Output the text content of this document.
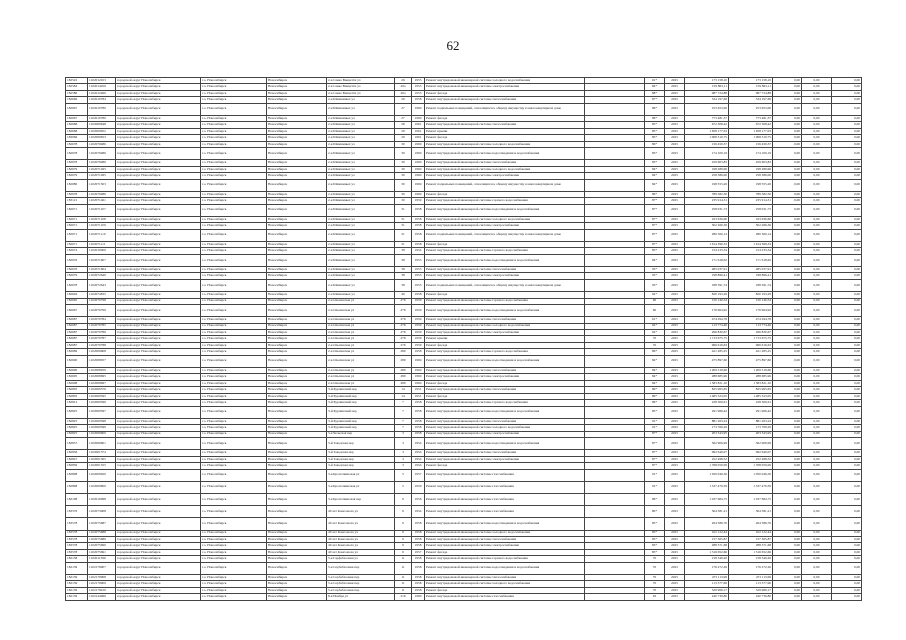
62
182522	1102012453	городской округ Новосибирск	г.о. Новосибирск	Новосибирск	2-я Сакко Ванцетти ул	26	1955	Ремонт внутридомовой инженерной системы холодного водоснабжения		91*	2025	173 158,10	173 158,10	0,00	0,00	0,00
182584	1102014459	городской округ Новосибирск	г.о. Новосибирск	Новосибирск	2-я Сакко Ванцетти ул	26а	1955	Ремонт внутридомовой инженерной системы электроснабжения		84*	2025	159 863,11	159 863,11	0,00	0,00	0,00
182586	1102012460	городской округ Новосибирск	г.о. Новосибирск	Новосибирск	2-я Сакко Ванцетти ул	26а	1955	Ремонт фасада		88*	2025	987 724,88	987 724,88	0,00	0,00	0,00
182666	1102010784	городской округ Новосибирск	г.о. Новосибирск	Новосибирск	2-я Шамшиных ул	26	1958	Ремонт внутридомовой инженерной системы теплоснабжения		87*	2025	534 197,69	534 197,69	0,00	0,00	0,00
182667	1102010780	городской округ Новосибирск	г.о. Новосибирск	Новосибирск	2-я Шамшиных ул	27	1960	Ремонт подвальных помещений, относящихся к общему имуществу в многоквартирном доме		86*	2025	253 653,00	253 653,00	0,00	0,00	0,00
182667	1102010780	городской округ Новосибирск	г.о. Новосибирск	Новосибирск	2-я Шамшиных ул	27	1960	Ремонт фасада		86*	2025	773 481,37	773 481,37	0,00	0,00	0,00
182668	1102009648	городской округ Новосибирск	г.о. Новосибирск	Новосибирск	2-я Шамшиных ул	28	1961	Ремонт внутридомовой инженерной системы теплоснабжения		85*	2025	672 308,42	672 308,42	0,00	0,00	0,00
182668	1102009652	городской округ Новосибирск	г.о. Новосибирск	Новосибирск	2-я Шамшиных ул	29	1961	Ремонт крыши		85*	2025	1 658 177,03	1 658 177,03	0,00	0,00	0,00
183066	1102009653	городской округ Новосибирск	г.о. Новосибирск	Новосибирск	2-я Шамшиных ул	29	1961	Ремонт фасада		85*	2025	1 008 310,75	1 008 310,75	0,00	0,00	0,00
182678	1102079486	городской округ Новосибирск	г.о. Новосибирск	Новосибирск	2-я Шамшиных ул	30	1960	Ремонт внутридомовой инженерной системы холодного водоснабжения		86*	2025	156 450,37	156 450,37	0,00	0,00	0,00
182678	1102079486	городской округ Новосибирск	г.о. Новосибирск	Новосибирск	2-я Шамшиных ул	30	1960	Ремонт внутридомовой инженерной системы водоотведения и водоснабжения		83*	2025	174 109,19	174 109,19	0,00	0,00	0,00
182678	1102079486	городской округ Новосибирск	г.о. Новосибирск	Новосибирск	2-я Шамшиных ул	30	1960	Ремонт внутридомовой инженерной системы теплоснабжения		83*	2025	459 603,83	459 603,83	0,00	0,00	0,00
182679	1102071495	городской округ Новосибирск	г.о. Новосибирск	Новосибирск	2-я Шамшиных ул	30	1960	Ремонт внутридомовой инженерной системы холодного водоснабжения		84*	2025	198 289,96	198 289,96	0,00	0,00	0,00
182679	1102071495	городской округ Новосибирск	г.о. Новосибирск	Новосибирск	2-я Шамшиных ул	30	1960	Ремонт внутридомовой инженерной системы электроснабжения		84*	2025	258 386,00	258 386,00	0,00	0,00	0,00
182680	1102071503	городской округ Новосибирск	г.о. Новосибирск	Новосибирск	2-я Шамшиных ул	30	1960	Ремонт подвальных помещений, относящихся к общему имуществу в многоквартирном доме		84*	2025	198 555,26	198 555,26	0,00	0,00	0,00
182678	1102079486	городской округ Новосибирск	г.о. Новосибирск	Новосибирск	2-я Шамшиных ул	30	1960	Ремонт фасада		86*	2025	789 582,50	789 582,50	0,00	0,00	0,00
183121	1102071461	городской округ Новосибирск	г.о. Новосибирск	Новосибирск	2-я Шамшиных ул	30	1959	Ремонт внутридомовой инженерной системы горячего водоснабжения		87*	2025	235 914,31	235 914,31	0,00	0,00	0,00
182671	1102071107	городской округ Новосибирск	г.о. Новосибирск	Новосибирск	2-я Шамшиных ул	31	1958	Ремонт внутридомовой инженерной системы водоотведения и водоснабжения		87*	2025	258 031,73	258 031,73	0,00	0,00	0,00
182671	1102071108	городской округ Новосибирск	г.о. Новосибирск	Новосибирск	2-я Шамшиных ул	31	1958	Ремонт внутридомовой инженерной системы холодного водоснабжения		87*	2025	163 636,60	163 636,60	0,00	0,00	0,00
182671	1102071109	городской округ Новосибирск	г.о. Новосибирск	Новосибирск	2-я Шамшиных ул	31	1958	Ремонт внутридомовой инженерной системы электроснабжения		87*	2025	502 266,36	502 266,36	0,00	0,00	0,00
182671	1102071110	городской округ Новосибирск	г.о. Новосибирск	Новосибирск	2-я Шамшиных ул	31	1958	Ремонт подвальных помещений, относящихся к общему имуществу в многоквартирном доме		87*	2025	280 360,14	280 360,14	0,00	0,00	0,00
182671	1102071111	городской округ Новосибирск	г.о. Новосибирск	Новосибирск	2-я Шамшиных ул	31	1958	Ремонт фасада		87*	2025	1 614 399,33	1 614 399,33	0,00	0,00	0,00
182674	1102010006	городской округ Новосибирск	г.о. Новосибирск	Новосибирск	2-я Шамшиных ул	38	1954	Ремонт внутридомовой инженерной системы горячего водоснабжения		85*	2025	154 233,34	154 233,34	0,00	0,00	0,00
182676	1102071607	городской округ Новосибирск	г.о. Новосибирск	Новосибирск	2-я Шамшиных ул	38	1955	Ремонт внутридомовой инженерной системы водоотведения и водоснабжения		84*	2025	171 618,62	171 618,62	0,00	0,00	0,00
182676	1102071604	городской округ Новосибирск	г.о. Новосибирск	Новосибирск	2-я Шамшиных ул	38	1955	Ремонт внутридомовой инженерной системы теплоснабжения		93*	2025	485 037,91	485 037,91	0,00	0,00	0,00
182679	1102072640	городской округ Новосибирск	г.о. Новосибирск	Новосибирск	2-я Шамшиных ул	38	1955	Ремонт внутридомовой инженерной системы электроснабжения		93*	2025	198 896,41	198 896,41	0,00	0,00	0,00
182678	1102072643	городской округ Новосибирск	г.о. Новосибирск	Новосибирск	2-я Шамшиных ул	38	1955	Ремонт подвальных помещений, относящихся к общему имуществу в многоквартирном доме		93*	2025	188 391,74	188 391,74	0,00	0,00	0,00
182694	1102074635	городской округ Новосибирск	г.о. Новосибирск	Новосибирск	2-я Шамшиных ул	40	1958	Ремонт фасада		62*	2025	820 193,29	820 193,29	0,00	0,00	0,00
182665	1102070798	городской округ Новосибирск	г.о. Новосибирск	Новосибирск	2-я Ольгинская ул	276	1959	Ремонт внутридомовой инженерной системы горячего водоснабжения		60	2025	150 140,54	150 140,54	0,00	0,00	0,00
182667	1102070799	городской округ Новосибирск	г.о. Новосибирск	Новосибирск	2-я Ольгинская ул	276	1959	Ремонт внутридомовой инженерной системы водоотведения и водоснабжения		60	2025	176 964,92	176 964,92	0,00	0,00	0,00
182687	1102070784	городской округ Новосибирск	г.о. Новосибирск	Новосибирск	2-я Ольгинская ул	276	1959	Ремонт внутридомовой инженерной системы теплоснабжения		61*	2025	474 294,78	474 294,78	0,00	0,00	0,00
182687	1102070785	городской округ Новосибирск	г.о. Новосибирск	Новосибирск	2-я Ольгинская ул	276	1959	Ремонт внутридомовой инженерной системы холодного водоснабжения		62*	2025	113 774,46	113 774,46	0,00	0,00	0,00
182687	1102070786	городской округ Новосибирск	г.о. Новосибирск	Новосибирск	2-я Ольгинская ул	276	1959	Ремонт внутридомовой инженерной системы электроснабжения		62*	2025	266 830,67	266 830,67	0,00	0,00	0,00
182687	1102070787	городской округ Новосибирск	г.о. Новосибирск	Новосибирск	2-я Ольгинская ул	276	1959	Ремонт крыши		70	2025	1 713 675,75	1 713 675,75	0,00	0,00	0,00
182687	1102070788	городской округ Новосибирск	г.о. Новосибирск	Новосибирск	2-я Ольгинская ул	276	1959	Ремонт фасада		70	2025	966 616,63	966 616,63	0,00	0,00	0,00
182689	1102009608	городской округ Новосибирск	г.о. Новосибирск	Новосибирск	2-я Ольгинская ул	280	1958	Ремонт внутридомовой инженерной системы горячего водоснабжения		86*	2025	421 285,25	421 285,25	0,00	0,00	0,00
182690	1102008057	городской округ Новосибирск	г.о. Новосибирск	Новосибирск	2-я Ольгинская ул	280	1960	Ремонт внутридомовой инженерной системы водоотведения и водоснабжения		84*	2025	475 897,60	475 897,60	0,00	0,00	0,00
182690	1102008059	городской округ Новосибирск	г.о. Новосибирск	Новосибирск	2-я Ольгинская ул	280	1960	Ремонт внутридомовой инженерной системы теплоснабжения		84*	2025	1 209 319,60	1 209 319,60	0,00	0,00	0,00
182695	1102008695	городской округ Новосибирск	г.о. Новосибирск	Новосибирск	2-я Ольгинская ул	280	1960	Ремонт внутридомовой инженерной системы электроснабжения		84*	2025	288 685,96	288 685,96	0,00	0,00	0,00
182698	1102008697	городской округ Новосибирск	г.о. Новосибирск	Новосибирск	2-я Ольгинская ул	280	1960	Ремонт фасада		84*	2025	1 583 821,10	1 583 821,10	0,00	0,00	0,00
182805	1102009576	городской округ Новосибирск	г.о. Новосибирск	Новосибирск	3-й Бурлинский пер	14	1951	Ремонт внутридомовой инженерной системы теплоснабжения		89*	2025	825 965,65	825 965,65	0,00	0,00	0,00
182805	1102009595	городской округ Новосибирск	г.о. Новосибирск	Новосибирск	3-й Бурлинский пер	14	1951	Ремонт фасада		89*	2025	1 485 323,05	1 485 323,05	0,00	0,00	0,00
182812	1102009596	городской округ Новосибирск	г.о. Новосибирск	Новосибирск	3-й Бурлинский пер	7	1958	Ремонт внутридомовой инженерной системы горячего водоснабжения		86*	2025	228 309,61	228 309,61	0,00	0,00	0,00
182825	1102009597	городской округ Новосибирск	г.о. Новосибирск	Новосибирск	3-й Бурлинский пер	7	1958	Ремонт внутридомовой инженерной системы водоотведения и водоснабжения		85*	2025	291 966,42	291 966,42	0,00	0,00	0,00
182825	1102009598	городской округ Новосибирск	г.о. Новосибирск	Новосибирск	3-й Бурлинский пер	7	1958	Ремонт внутридомовой инженерной системы теплоснабжения		91*	2025	881 263,24	881 263,24	0,00	0,00	0,00
182825	1102009599	городской округ Новосибирск	г.о. Новосибирск	Новосибирск	3-й Бурлинский пер	7	1958	Ремонт внутридомовой инженерной системы холодного водоснабжения		91*	2025	173 769,29	173 769,29	0,00	0,00	0,00
182825	1102009600	городской округ Новосибирск	г.о. Новосибирск	Новосибирск	3-я Чельская пер	3	1958	Ремонт внутридомовой инженерной системы электроснабжения		87*	2025	203 343,95	203 343,95	0,00	0,00	0,00
182837	1102009601	городской округ Новосибирск	г.о. Новосибирск	Новосибирск	3-й Заводская пер	3	1954	Ремонт внутридомовой инженерной системы водоотведения и водоснабжения		87*	2025	362 906,99	362 906,99	0,00	0,00	0,00
182856	1102001374	городской округ Новосибирск	г.о. Новосибирск	Новосибирск	3-й Заводская пер	3	1954	Ремонт внутридомовой инженерной системы теплоснабжения		87*	2025	992 649,07	992 649,07	0,00	0,00	0,00
182847	1102001305	городской округ Новосибирск	г.о. Новосибирск	Новосибирск	3-й Заводская пер	3	1954	Ремонт внутридомовой инженерной системы электроснабжения		87*	2025	252 498,52	252 498,52	0,00	0,00	0,00
182859	1102001555	городской округ Новосибирск	г.о. Новосибирск	Новосибирск	3-й Заводская пер	3	1954	Ремонт фасада		87*	2025	1 768 050,09	1 768 050,09	0,00	0,00	0,00
182898	1102009620	городской округ Новосибирск	г.о. Новосибирск	Новосибирск	3-я Кропоткинская ул	5	1957	Ремонт внутридомовой инженерной системы газоснабжения		91*	2025	1 050 046,56	1 050 046,56	0,00	0,00	0,00
182898	1102009600	городской округ Новосибирск	г.о. Новосибирск	Новосибирск	3-я Кропоткинская ул	5	1959	Ремонт внутридомовой инженерной системы газоснабжения		91*	2025	1 337 470,59	1 337 470,59	0,00	0,00	0,00
182108	1102010098	городской округ Новосибирск	г.о. Новосибирск	Новосибирск	3-я Кропоткинская пер	9	1956	Ремонт внутридомовой инженерной системы газоснабжения		86*	2025	1 037 684,75	1 037 684,75	0,00	0,00	0,00
183576	1102073008	городской округ Новосибирск	г.о. Новосибирск	Новосибирск	40 лет Комсомола ул	9	1954	Ремонт внутридомовой инженерной системы газоснабжения		80*	2025	304 581,21	304 581,21	0,00	0,00	0,00
183578	1102075687	городской округ Новосибирск	г.о. Новосибирск	Новосибирск	40 лет Комсомола ул	9	1958	Ремонт внутридомовой инженерной системы водоотведения и водоснабжения		85*	2025	264 586,76	264 586,76	0,00	0,00	0,00
183578	1102075688	городской округ Новосибирск	г.о. Новосибирск	Новосибирск	40 лет Комсомола ул	9	1958	Ремонт внутридомовой инженерной системы холодного водоснабжения		83*	2025	102 122,44	102 122,44	0,00	0,00	0,00
183578	1102075689	городской округ Новосибирск	г.о. Новосибирск	Новосибирск	40 лет Комсомола ул	9	1958	Ремонт внутридомовой инженерной системы теплоснабжения		83*	2025	157 365,87	157 365,87	0,00	0,00	0,00
183578	1102075690	городской округ Новосибирск	г.о. Новосибирск	Новосибирск	40 лет Комсомола ул	9	1958	Ремонт внутридомовой инженерной системы электроснабжения		83*	2025	288 371,68	288 371,68	0,00	0,00	0,00
183578	1102075691	городской округ Новосибирск	г.о. Новосибирск	Новосибирск	40 лет Комсомола ул	9	1957	Ремонт фасада		85*	2025	1 316 652,66	1 316 652,66	0,00	0,00	0,00
182138	1102011396	городской округ Новосибирск	г.о. Новосибирск	Новосибирск	5-я Гарфаблочная ул	11	1958	Ремонт внутридомовой инженерной системы горячего водоснабжения		70	2025	158 349,26	158 349,26	0,00	0,00	0,00
182139	1102179907	городской округ Новосибирск	г.о. Новосибирск	Новосибирск	5-я Сербаблочная пер	11	1958	Ремонт внутридомовой инженерной системы водоотведения и водоснабжения		70	2025	176 272,26	176 272,26	0,00	0,00	0,00
182139	1102179908	городской округ Новосибирск	г.о. Новосибирск	Новосибирск	5-я Сербаблочная пер	11	1958	Ремонт внутридомовой инженерной системы теплоснабжения		70	2025	473 113,99	473 113,99	0,00	0,00	0,00
182139	1102179909	городской округ Новосибирск	г.о. Новосибирск	Новосибирск	5-я Сербаблочная пер	11	1958	Ремонт внутридомовой инженерной системы холодного водоснабжения		70	2025	113 377,96	113 377,96	0,00	0,00	0,00
182139	1102179910	городской округ Новосибирск	г.о. Новосибирск	Новосибирск	5-я Сербаблочная пер	11	1958	Ремонт фасада		70	2025	529 966,17	529 966,17	0,00	0,00	0,00
182139	1102144066	городской округ Новосибирск	г.о. Новосибирск	Новосибирск	8-я Ноября ул	216	1969	Ремонт внутридомовой инженерной системы газоснабжения		63	2025	240 739,80	240 739,80	0,00	0,00	0,00
